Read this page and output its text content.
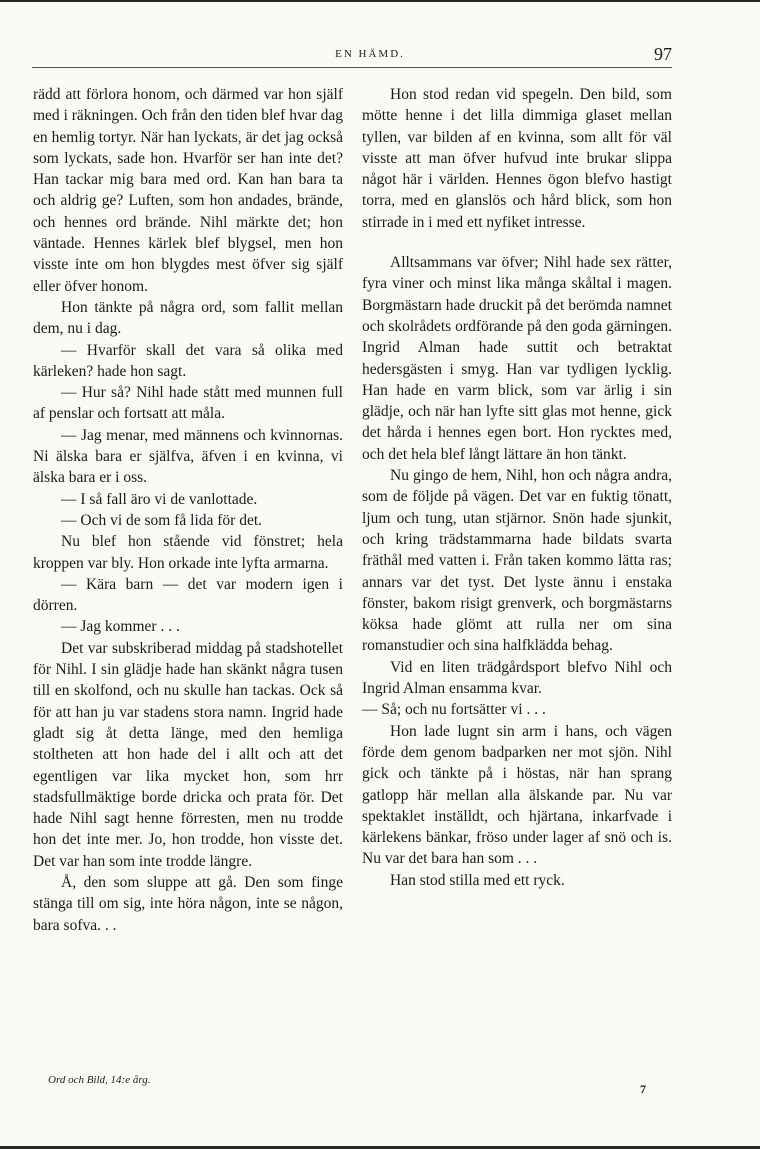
EN HÄMD.	97

rädd att förlora honom, och därmed var hon själf med i räkningen. Och från den tiden blef hvar dag en hemlig tortyr. När han lyckats, är det jag också som lyckats, sade hon. Hvarför ser han inte det? Han tackar mig bara med ord. Kan han bara ta och aldrig ge? Luften, som hon andades, brände, och hennes ord brände. Nihl märkte det; hon väntade. Hennes kärlek blef blygsel, men hon visste inte om hon blygdes mest öfver sig själf eller öfver honom.

Hon tänkte på några ord, som fallit mellan dem, nu i dag.

— Hvarför skall det vara så olika med kärleken? hade hon sagt.

— Hur så? Nihl hade stått med munnen full af penslar och fortsatt att måla.

— Jag menar, med männens och kvinnornas. Ni älska bara er själfva, äfven i en kvinna, vi älska bara er i oss.

— I så fall äro vi de vanlottade.

— Och vi de som få lida för det.

Nu blef hon stående vid fönstret; hela kroppen var bly. Hon orkade inte lyfta armarna.

— Kära barn — det var modern igen i dörren.

— Jag kommer . . .

Det var subskriberad middag på stadshotellet för Nihl. I sin glädje hade han skänkt några tusen till en skolfond, och nu skulle han tackas. Ock så för att han ju var stadens stora namn. Ingrid hade gladt sig åt detta länge, med den hemliga stoltheten att hon hade del i allt och att det egentligen var lika mycket hon, som hrr stadsfullmäktige borde dricka och prata för. Det hade Nihl sagt henne förresten, men nu trodde hon det inte mer. Jo, hon trodde, hon visste det. Det var han som inte trodde längre.

Å, den som sluppe att gå. Den som finge stänga till om sig, inte höra någon, inte se någon, bara sofva. . .

Hon stod redan vid spegeln. Den bild, som mötte henne i det lilla dimmiga glaset mellan tyllen, var bilden af en kvinna, som allt för väl visste att man öfver hufvud inte brukar slippa något här i världen. Hennes ögon blefvo hastigt torra, med en glanslös och hård blick, som hon stirrade in i med ett nyfiket intresse.

Alltsammans var öfver; Nihl hade sex rätter, fyra viner och minst lika många skåltal i magen. Borgmästarn hade druckit på det berömda namnet och skolrådets ordförande på den goda gärningen. Ingrid Alman hade suttit och betraktat hedersgästen i smyg. Han var tydligen lycklig. Han hade en varm blick, som var ärlig i sin glädje, och när han lyfte sitt glas mot henne, gick det hårda i hennes egen bort. Hon rycktes med, och det hela blef långt lättare än hon tänkt.

Nu gingo de hem, Nihl, hon och några andra, som de följde på vägen. Det var en fuktig tönatt, ljum och tung, utan stjärnor. Snön hade sjunkit, och kring trädstammarna hade bildats svarta fräthål med vatten i. Från taken kommo lätta ras; annars var det tyst. Det lyste ännu i enstaka fönster, bakom risigt grenverk, och borgmästarns köksa hade glömt att rulla ner om sina romanstudier och sina halfklädda behag.

Vid en liten trädgårdsport blefvo Nihl och Ingrid Alman ensamma kvar.

— Så; och nu fortsätter vi . . .

Hon lade lugnt sin arm i hans, och vägen förde dem genom badparken ner mot sjön. Nihl gick och tänkte på i höstas, när han sprang gatlopp här mellan alla älskande par. Nu var spektaklet inställdt, och hjärtana, inkarfvade i kärlekens bänkar, fröso under lager af snö och is. Nu var det bara han som . . .

Han stod stilla med ett ryck.

Ord och Bild, 14:e årg.
7
